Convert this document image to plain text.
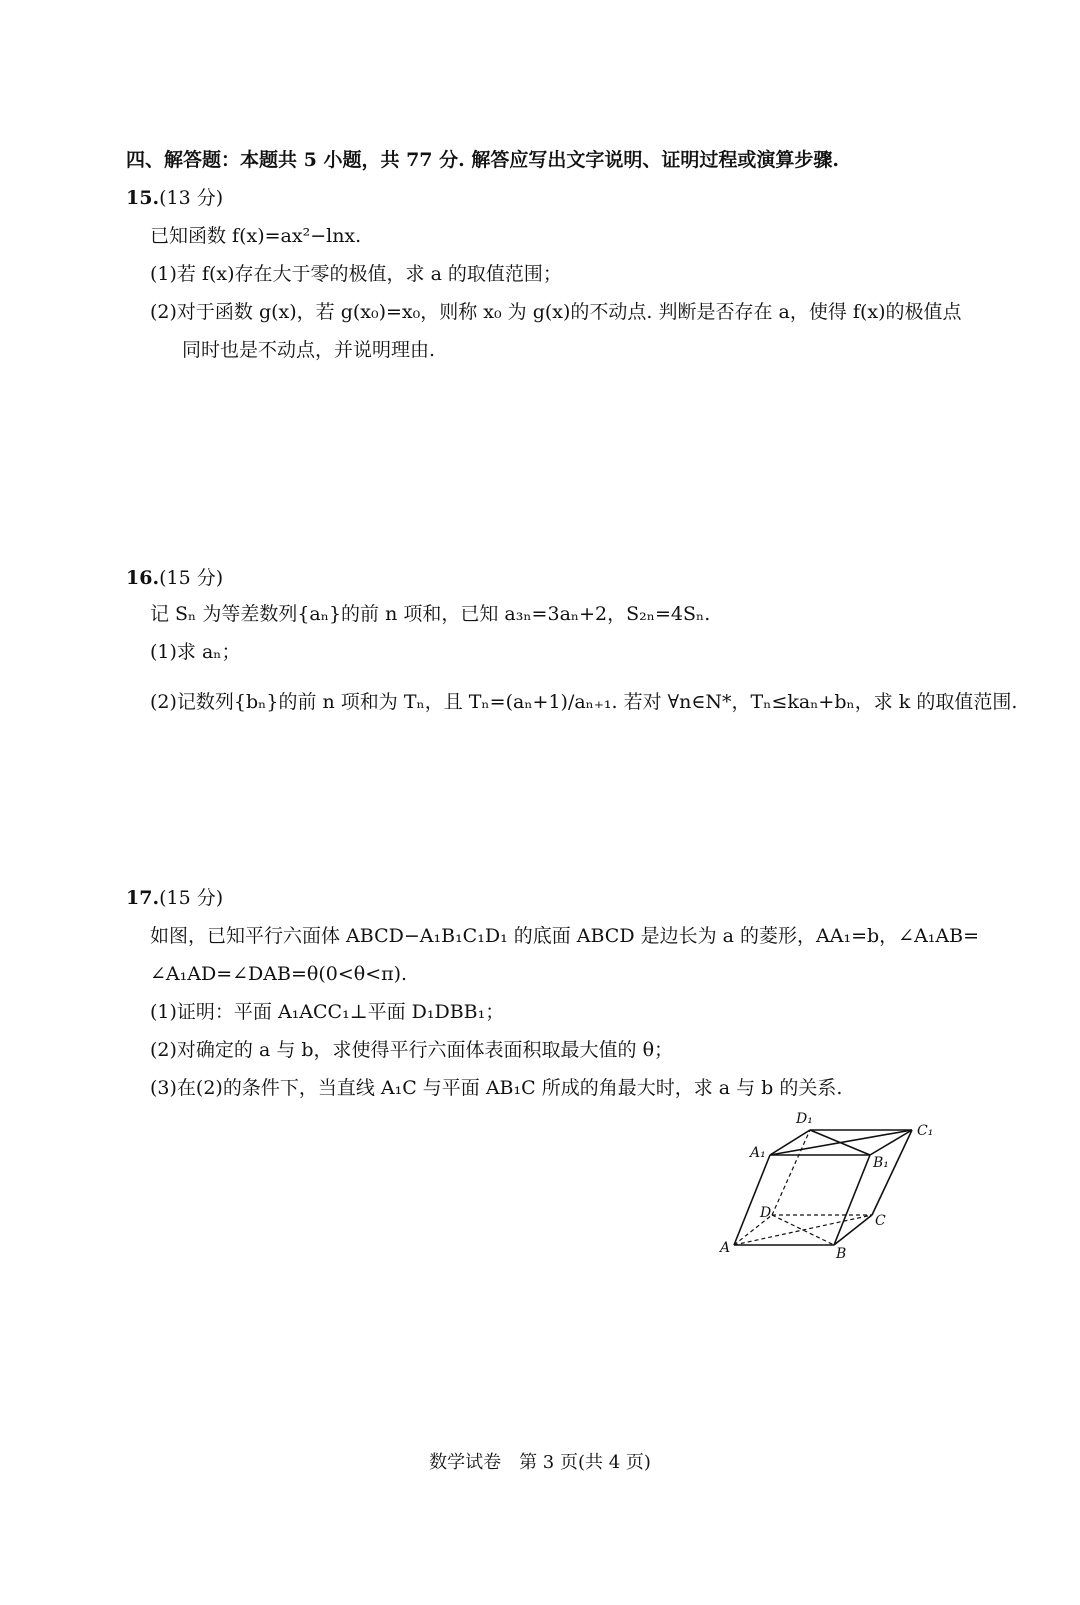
四、解答题：本题共 5 小题，共 77 分. 解答应写出文字说明、证明过程或演算步骤.
15.(13 分)
已知函数 f(x)=ax²−lnx.
(1)若 f(x)存在大于零的极值，求 a 的取值范围；
(2)对于函数 g(x)，若 g(x₀)=x₀，则称 x₀ 为 g(x)的不动点. 判断是否存在 a，使得 f(x)的极值点
同时也是不动点，并说明理由.
16.(15 分)
记 Sₙ 为等差数列{aₙ}的前 n 项和，已知 a₃ₙ=3aₙ+2，S₂ₙ=4Sₙ.
(1)求 aₙ；
(2)记数列{bₙ}的前 n 项和为 Tₙ，且 Tₙ=(aₙ+1)/aₙ₊₁. 若对 ∀n∈N*，Tₙ≤kaₙ+bₙ，求 k 的取值范围.
17.(15 分)
如图，已知平行六面体 ABCD−A₁B₁C₁D₁ 的底面 ABCD 是边长为 a 的菱形，AA₁=b，∠A₁AB=
∠A₁AD=∠DAB=θ(0<θ<π).
(1)证明：平面 A₁ACC₁⊥平面 D₁DBB₁；
(2)对确定的 a 与 b，求使得平行六面体表面积取最大值的 θ；
(3)在(2)的条件下，当直线 A₁C 与平面 AB₁C 所成的角最大时，求 a 与 b 的关系.
A	B
C
D
A₁
B₁
C₁
D₁
数学试卷　第 3 页(共 4 页)
